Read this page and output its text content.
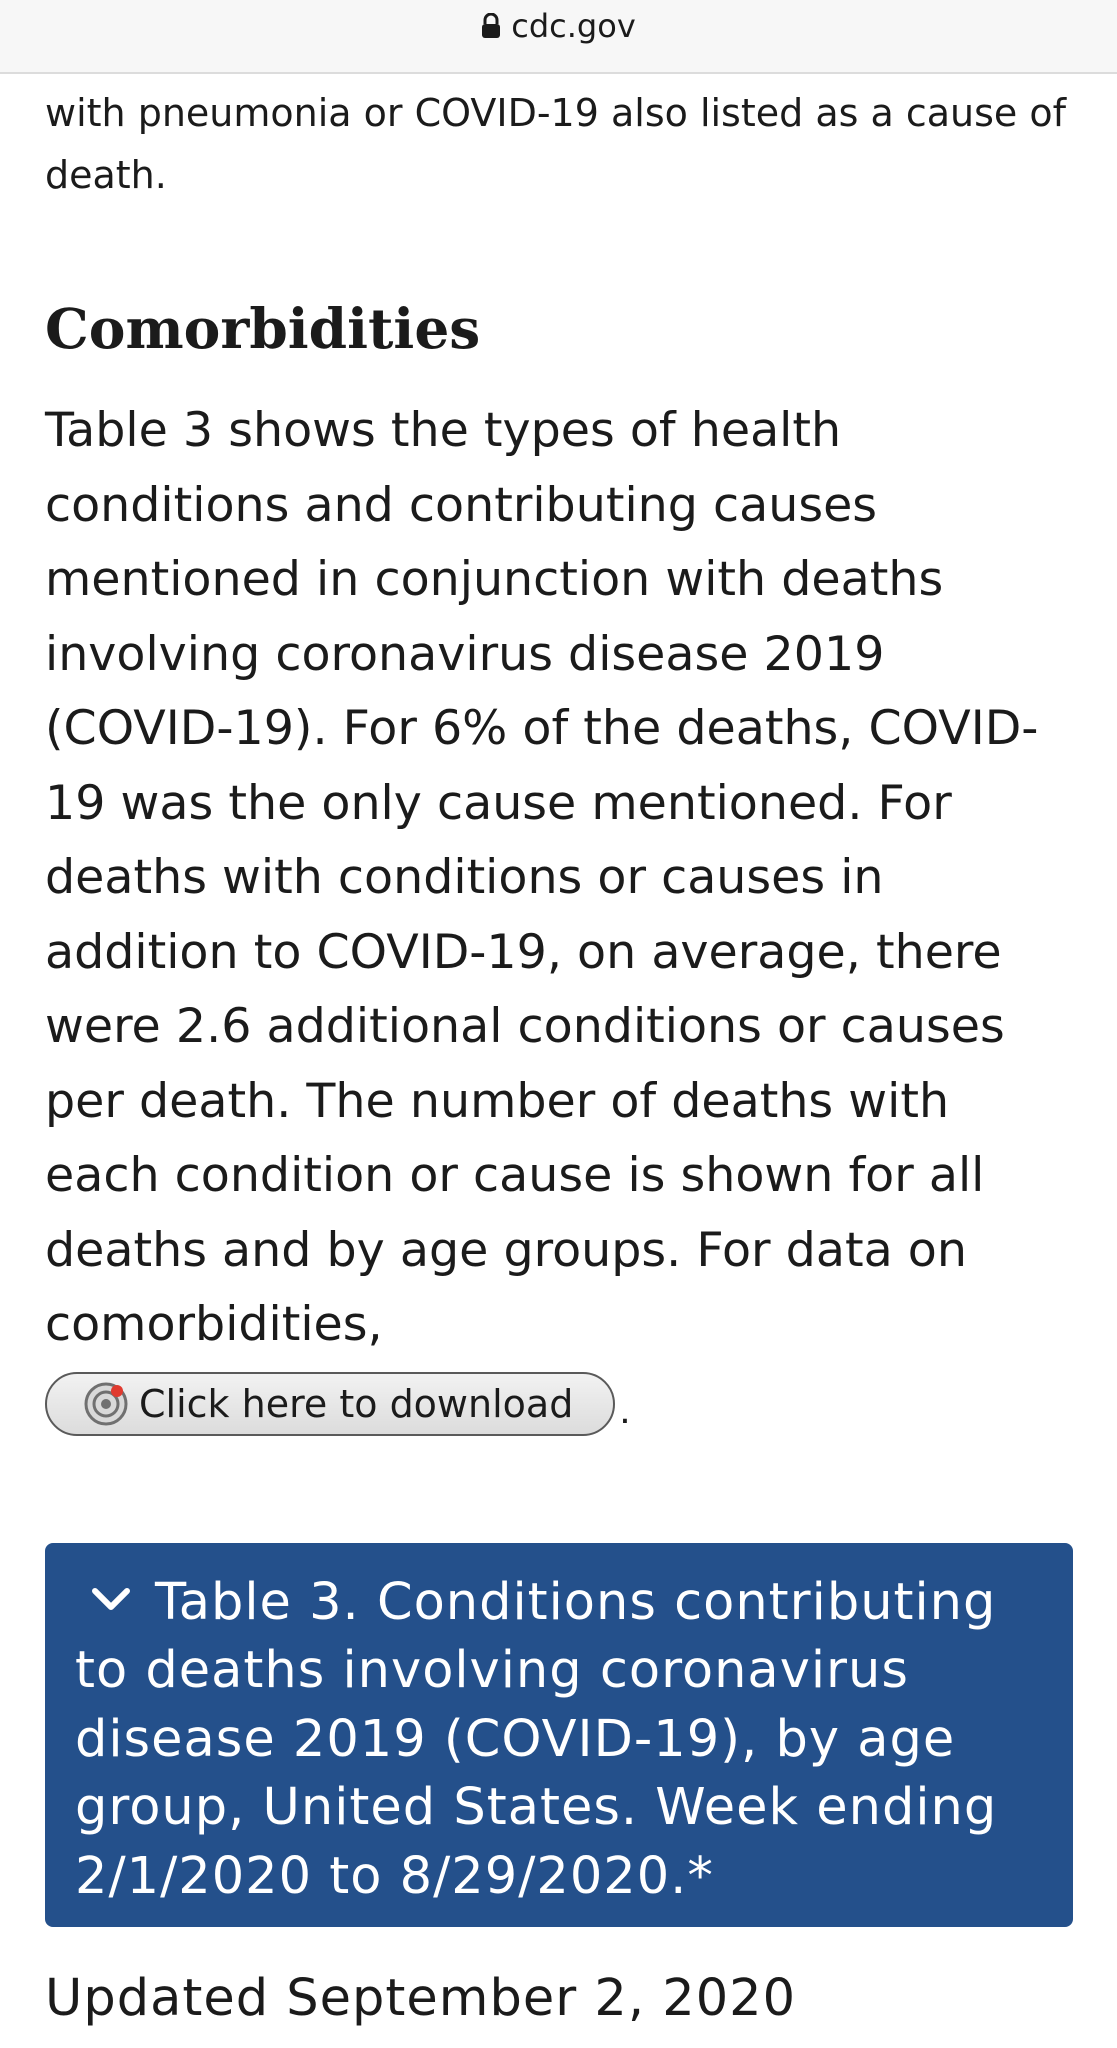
cdc.gov

with pneumonia or COVID-19 also listed as a cause of death.

Comorbidities

Table 3 shows the types of health conditions and contributing causes mentioned in conjunction with deaths involving coronavirus disease 2019 (COVID-19). For 6% of the deaths, COVID-19 was the only cause mentioned. For deaths with conditions or causes in addition to COVID-19, on average, there were 2.6 additional conditions or causes per death. The number of deaths with each condition or cause is shown for all deaths and by age groups. For data on comorbidities,

Click here to download .
Table 3. Conditions contributing to deaths involving coronavirus disease 2019 (COVID-19), by age group, United States. Week ending 2/1/2020 to 8/29/2020.*
Updated September 2, 2020
